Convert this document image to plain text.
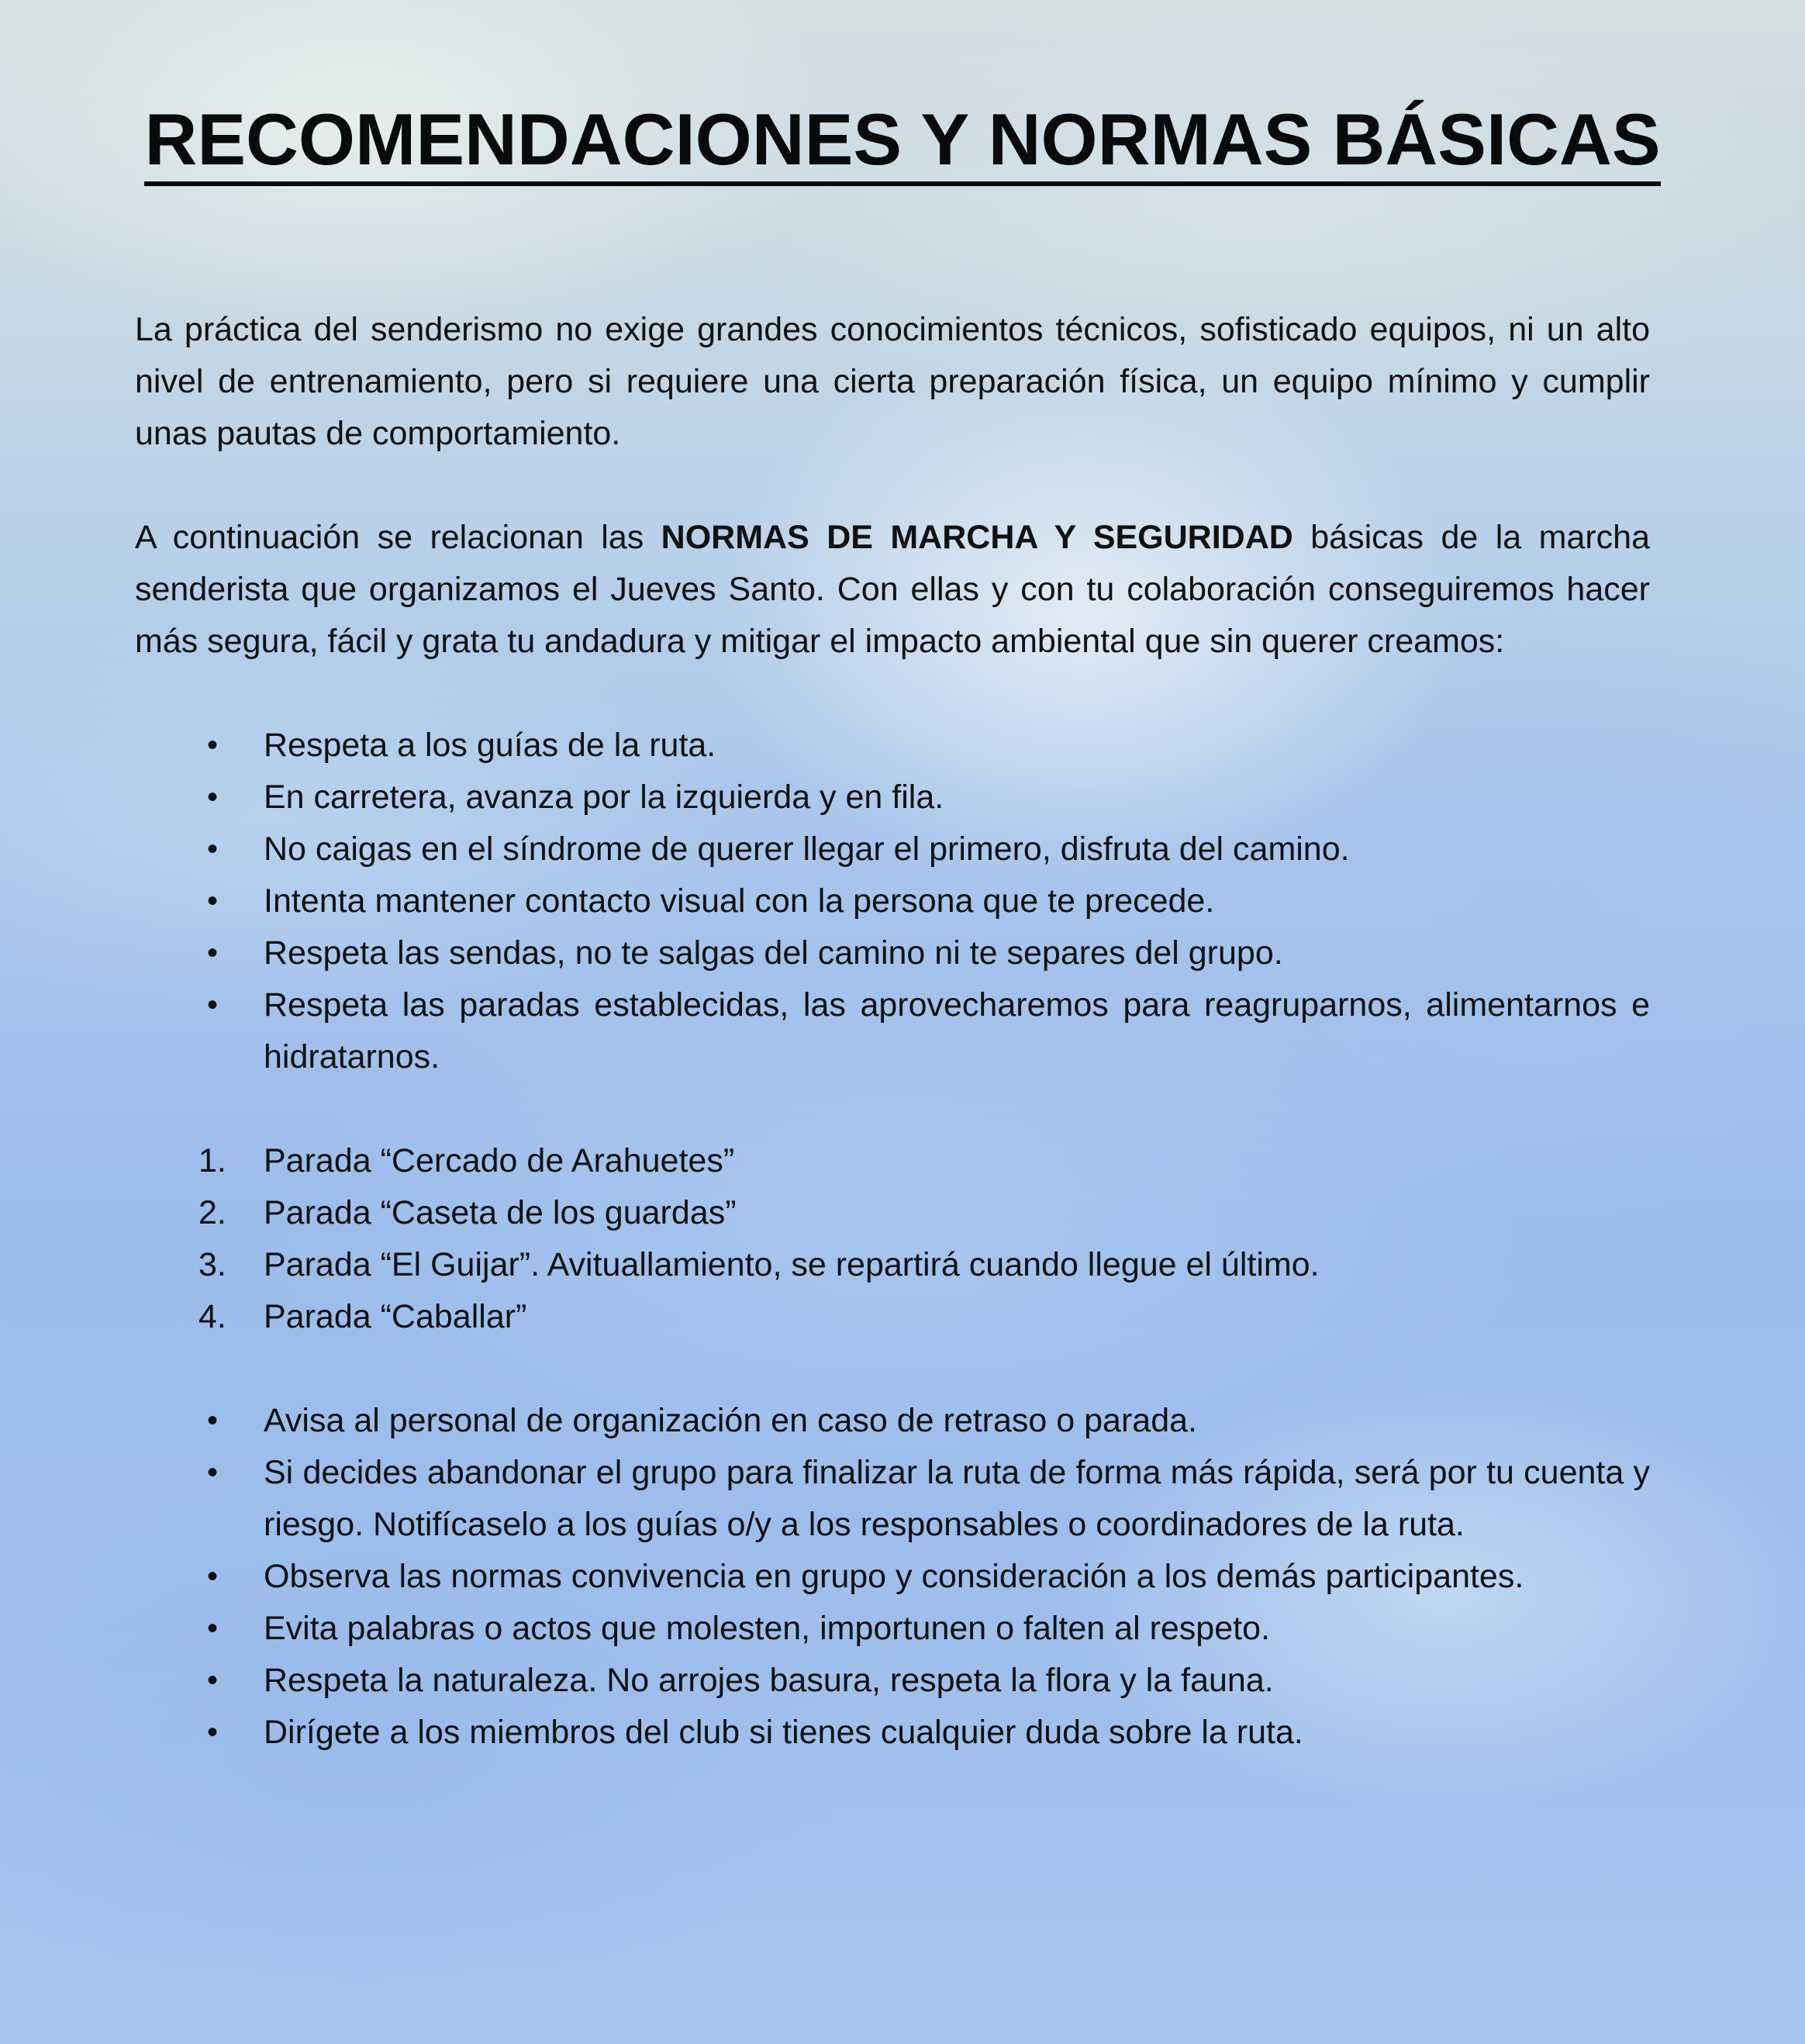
RECOMENDACIONES Y NORMAS BÁSICAS

La práctica del senderismo no exige grandes conocimientos técnicos, sofisticado equipos, ni un alto nivel de entrenamiento, pero si requiere una cierta preparación física, un equipo mínimo y cumplir unas pautas de comportamiento.

A continuación se relacionan las NORMAS DE MARCHA Y SEGURIDAD básicas de la marcha senderista que organizamos el Jueves Santo. Con ellas y con tu colaboración conseguiremos hacer más segura, fácil y grata tu andadura y mitigar el impacto ambiental que sin querer creamos:

•	Respeta a los guías de la ruta.
•	En carretera, avanza por la izquierda y en fila.
•	No caigas en el síndrome de querer llegar el primero, disfruta del camino.
•	Intenta mantener contacto visual con la persona que te precede.
•	Respeta las sendas, no te salgas del camino ni te separes del grupo.
•	Respeta las paradas establecidas, las aprovecharemos para reagruparnos, alimentarnos e hidratarnos.
1. Parada “Cercado de Arahuetes”
2. Parada “Caseta de los guardas”
3. Parada “El Guijar”. Avituallamiento, se repartirá cuando llegue el último.
4. Parada “Caballar”
•	Avisa al personal de organización en caso de retraso o parada.
•	Si decides abandonar el grupo para finalizar la ruta de forma más rápida, será por tu cuenta y riesgo. Notifícaselo a los guías o/y a los responsables o coordinadores de la ruta.
•	Observa las normas convivencia en grupo y consideración a los demás participantes.
•	Evita palabras o actos que molesten, importunen o falten al respeto.
•	Respeta la naturaleza. No arrojes basura, respeta la flora y la fauna.
•	Dirígete a los miembros del club si tienes cualquier duda sobre la ruta.
